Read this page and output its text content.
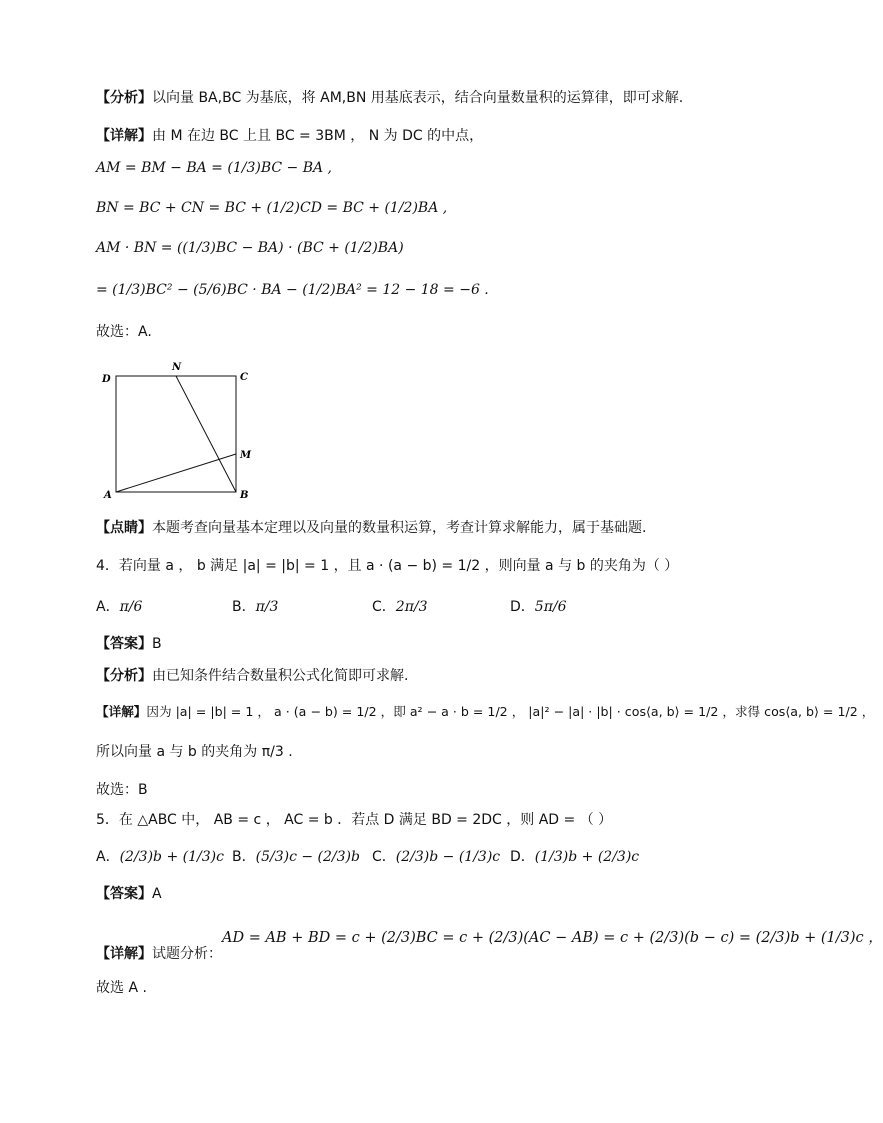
【分析】以向量 BA,BC 为基底，将 AM,BN 用基底表示，结合向量数量积的运算律，即可求解.
【详解】由 M 在边 BC 上且 BC = 3BM ， N 为 DC 的中点，
AM = BM − BA = (1/3)BC − BA ,
BN = BC + CN = BC + (1/2)CD = BC + (1/2)BA ,
AM · BN = ((1/3)BC − BA) · (BC + (1/2)BA)
= (1/3)BC² − (5/6)BC · BA − (1/2)BA² = 12 − 18 = −6 .
故选：A.
D
N
C
M
A	B
【点睛】本题考查向量基本定理以及向量的数量积运算，考查计算求解能力，属于基础题.
4．若向量 a ， b 满足 |a| = |b| = 1 ，且 a · (a − b) = 1/2 ，则向量 a 与 b 的夹角为（ ）
A．π/6	B．π/3	C．2π/3	D．5π/6
【答案】B
【分析】由已知条件结合数量积公式化简即可求解.
【详解】因为 |a| = |b| = 1 ， a · (a − b) = 1/2 ，即 a² − a · b = 1/2 ， |a|² − |a| · |b| · cos⟨a, b⟩ = 1/2 ，求得 cos⟨a, b⟩ = 1/2 ，
所以向量 a 与 b 的夹角为 π/3 .
故选：B
5．在 △ABC 中， AB = c ， AC = b ．若点 D 满足 BD = 2DC ，则 AD = （ ）
A．(2/3)b + (1/3)c B．(5/3)c − (2/3)b C．(2/3)b − (1/3)c D．(1/3)b + (2/3)c
【答案】A
【详解】试题分析：
AD = AB + BD = c + (2/3)BC = c + (2/3)(AC − AB) = c + (2/3)(b − c) = (2/3)b + (1/3)c ，
故选 A .
